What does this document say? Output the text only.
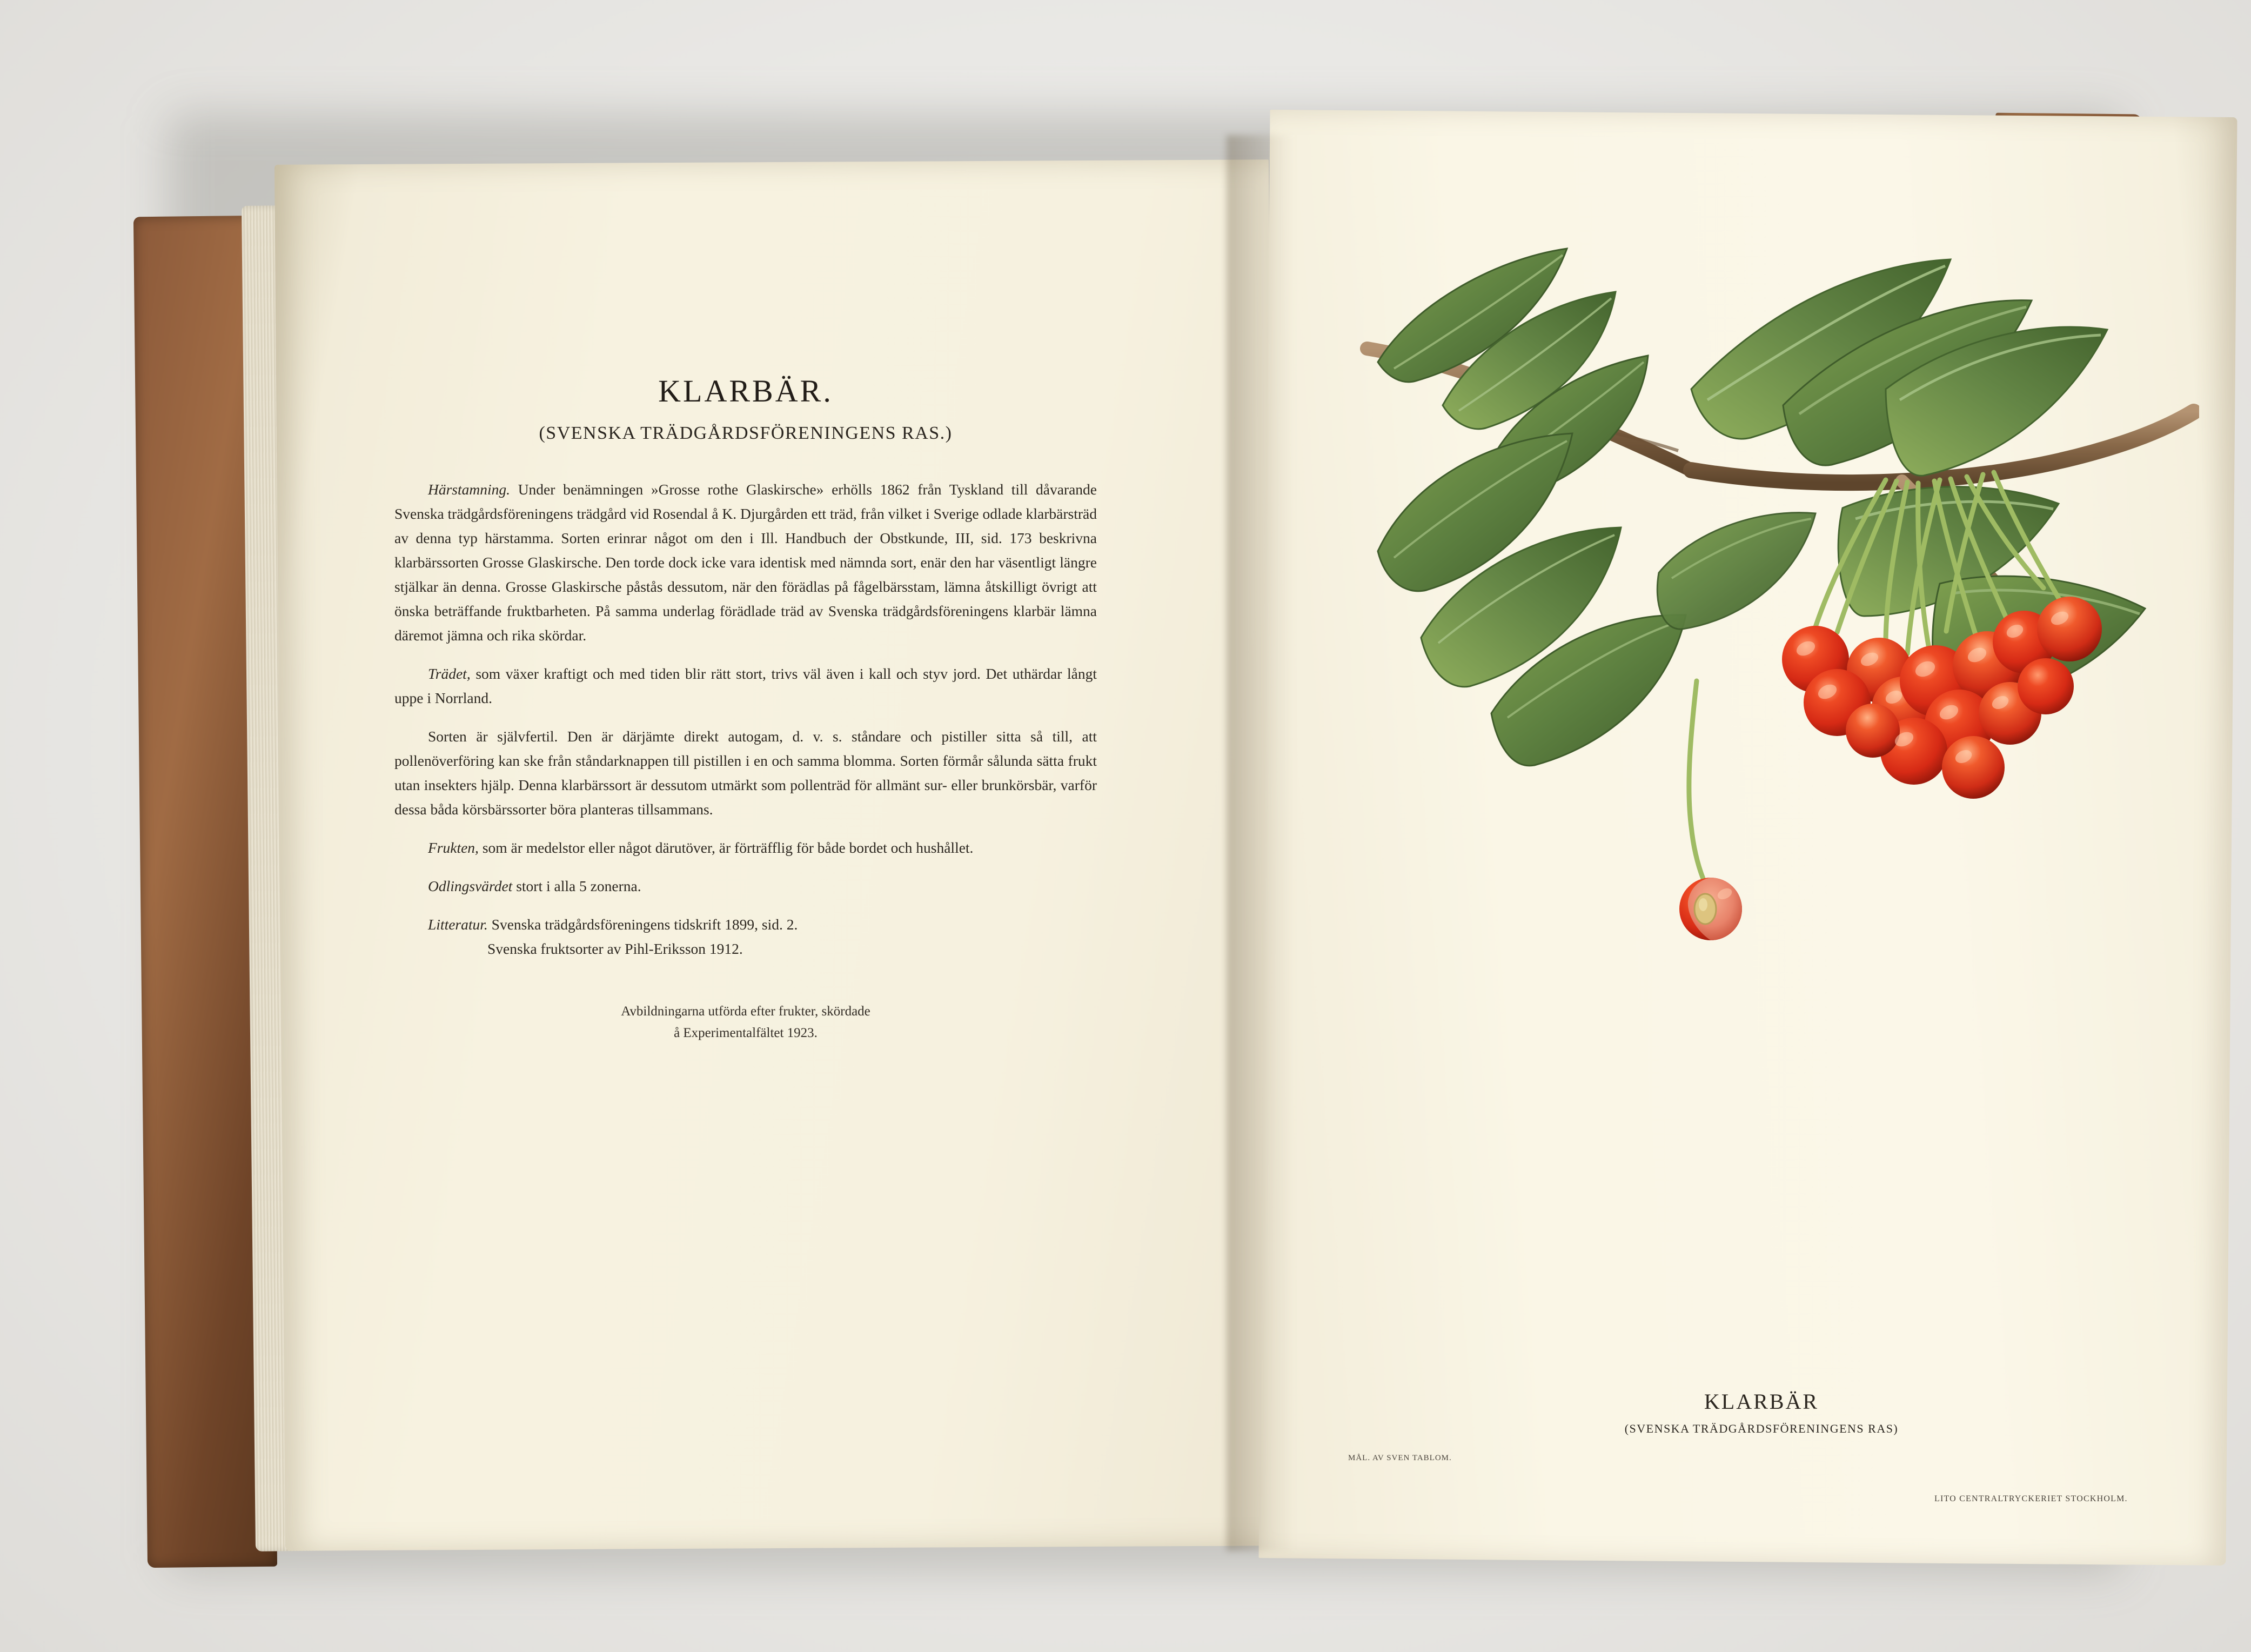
KLARBÄR.
(SVENSKA TRÄDGÅRDSFÖRENINGENS RAS.)

Härstamning. Under benämningen »Grosse rothe Glaskirsche» erhölls 1862 från Tyskland till dåvarande Svenska trädgårdsföreningens trädgård vid Rosendal å K. Djurgården ett träd, från vilket i Sverige odlade klarbärsträd av denna typ härstamma. Sorten erinrar något om den i Ill. Handbuch der Obstkunde, III, sid. 173 beskrivna klarbärssorten Grosse Glaskirsche. Den torde dock icke vara identisk med nämnda sort, enär den har väsentligt längre stjälkar än denna. Grosse Glaskirsche påstås dessutom, när den förädlas på fågelbärsstam, lämna åtskilligt övrigt att önska beträffande fruktbarheten. På samma underlag förädlade träd av Svenska trädgårdsföreningens klarbär lämna däremot jämna och rika skördar.

Trädet, som växer kraftigt och med tiden blir rätt stort, trivs väl även i kall och styv jord. Det uthärdar långt uppe i Norrland.

Sorten är självfertil. Den är därjämte direkt autogam, d. v. s. ståndare och pistiller sitta så till, att pollenöverföring kan ske från ståndarknappen till pistillen i en och samma blomma. Sorten förmår sålunda sätta frukt utan insekters hjälp. Denna klarbärssort är dessutom utmärkt som pollenträd för allmänt sur- eller brunkörsbär, varför dessa båda körsbärssorter böra planteras tillsammans.

Frukten, som är medelstor eller något därutöver, är förträfflig för både bordet och hushållet.

Odlingsvärdet stort i alla 5 zonerna.

Litteratur. Svenska trädgårdsföreningens tidskrift 1899, sid. 2.
Svenska fruktsorter av Pihl-Eriksson 1912.
Avbildningarna utförda efter frukter, skördade
å Experimentalfältet 1923.
KLARBÄR
(SVENSKA TRÄDGÅRDSFÖRENINGENS RAS)
MÅL. AV SVEN TABLOM.
LITO CENTRALTRYCKERIET STOCKHOLM.
